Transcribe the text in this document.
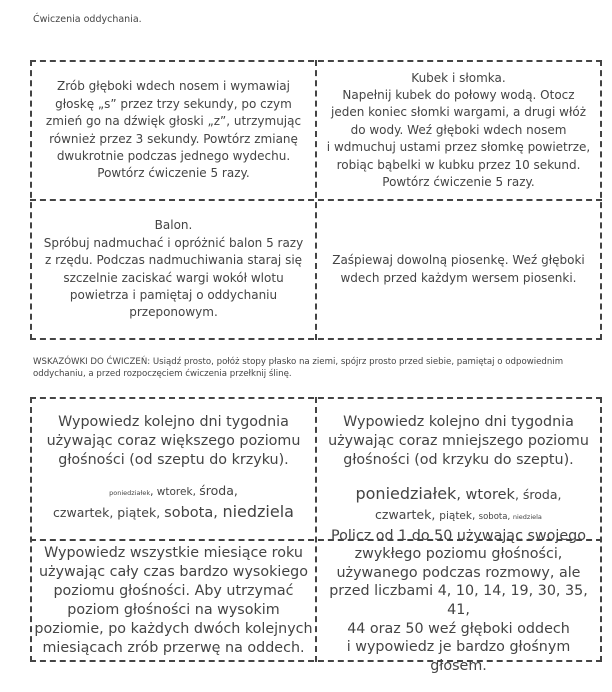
Ćwiczenia oddychania.

Zrób głęboki wdech nosem i wymawiaj

głoskę „s” przez trzy sekundy, po czym

zmień go na dźwięk głoski „z”, utrzymując

również przez 3 sekundy. Powtórz zmianę

dwukrotnie podczas jednego wydechu.

Powtórz ćwiczenie 5 razy.

Kubek i słomka.

Napełnij kubek do połowy wodą. Otocz

jeden koniec słomki wargami, a drugi włóż

do wody. Weź głęboki wdech nosem

i wdmuchuj ustami przez słomkę powietrze,

robiąc bąbelki w kubku przez 10 sekund.

Powtórz ćwiczenie 5 razy.

Balon.

Spróbuj nadmuchać i opróżnić balon 5 razy

z rzędu. Podczas nadmuchiwania staraj się

szczelnie zaciskać wargi wokół wlotu

powietrza i pamiętaj o oddychaniu

przeponowym.

Zaśpiewaj dowolną piosenkę. Weź głęboki

wdech przed każdym wersem piosenki.

WSKAZÓWKI DO ĆWICZEŃ: Usiądź prosto, połóż stopy płasko na ziemi, spójrz prosto przed siebie, pamiętaj o odpowiednim oddychaniu, a przed rozpoczęciem ćwiczenia przełknij ślinę.

Wypowiedz kolejno dni tygodnia

używając coraz większego poziomu

głośności (od szeptu do krzyku).

poniedziałek, wtorek, środa,
czwartek, piątek, sobota, niedziela

Wypowiedz kolejno dni tygodnia

używając coraz mniejszego poziomu

głośności (od krzyku do szeptu).

poniedziałek, wtorek, środa,
czwartek, piątek, sobota, niedziela

Wypowiedz wszystkie miesiące roku

używając cały czas bardzo wysokiego

poziomu głośności. Aby utrzymać

poziom głośności na wysokim

poziomie, po każdych dwóch kolejnych

miesiącach zrób przerwę na oddech.

Policz od 1 do 50 używając swojego

zwykłego poziomu głośności,

używanego podczas rozmowy, ale

przed liczbami 4, 10, 14, 19, 30, 35, 41,

44 oraz 50 weź głęboki oddech

i wypowiedz je bardzo głośnym

głosem.
